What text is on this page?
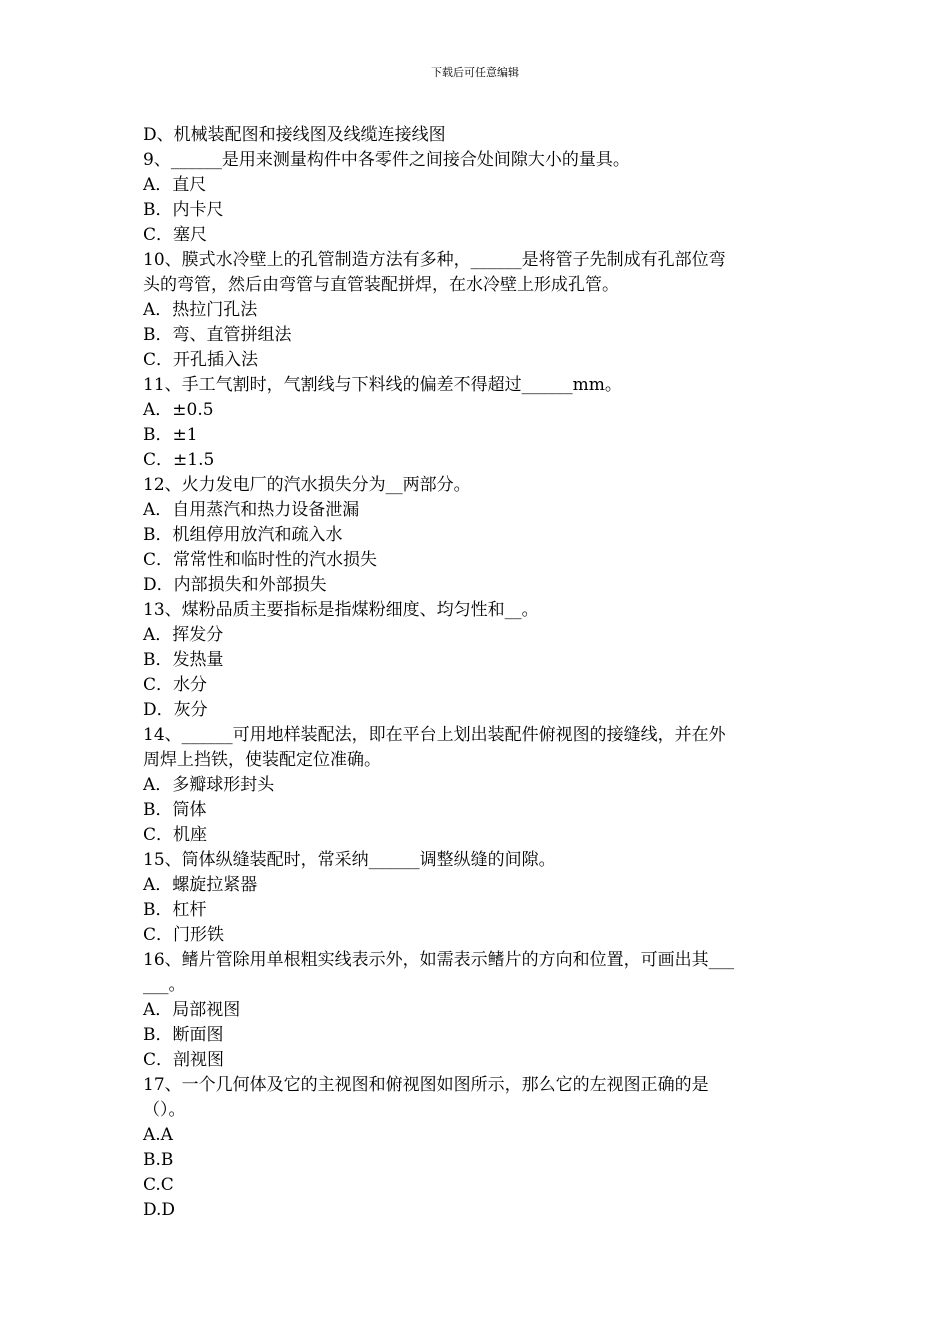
下载后可任意编辑
D、机械装配图和接线图及线缆连接线图
9、______是用来测量构件中各零件之间接合处间隙大小的量具。
A．直尺
B．内卡尺
C．塞尺
10、膜式水冷壁上的孔管制造方法有多种，______是将管子先制成有孔部位弯
头的弯管，然后由弯管与直管装配拼焊，在水冷壁上形成孔管。
A．热拉门孔法
B．弯、直管拼组法
C．开孔插入法
11、手工气割时，气割线与下料线的偏差不得超过______mm。
A．±0.5
B．±1
C．±1.5
12、火力发电厂的汽水损失分为__两部分。
A．自用蒸汽和热力设备泄漏
B．机组停用放汽和疏入水
C．常常性和临时性的汽水损失
D．内部损失和外部损失
13、煤粉品质主要指标是指煤粉细度、均匀性和__。
A．挥发分
B．发热量
C．水分
D．灰分
14、______可用地样装配法，即在平台上划出装配件俯视图的接缝线，并在外
周焊上挡铁，使装配定位准确。
A．多瓣球形封头
B．筒体
C．机座
15、筒体纵缝装配时，常采纳______调整纵缝的间隙。
A．螺旋拉紧器
B．杠杆
C．门形铁
16、鳍片管除用单根粗实线表示外，如需表示鳍片的方向和位置，可画出其___
___。
A．局部视图
B．断面图
C．剖视图
17、一个几何体及它的主视图和俯视图如图所示，那么它的左视图正确的是
（）。
A.A
B.B
C.C
D.D
